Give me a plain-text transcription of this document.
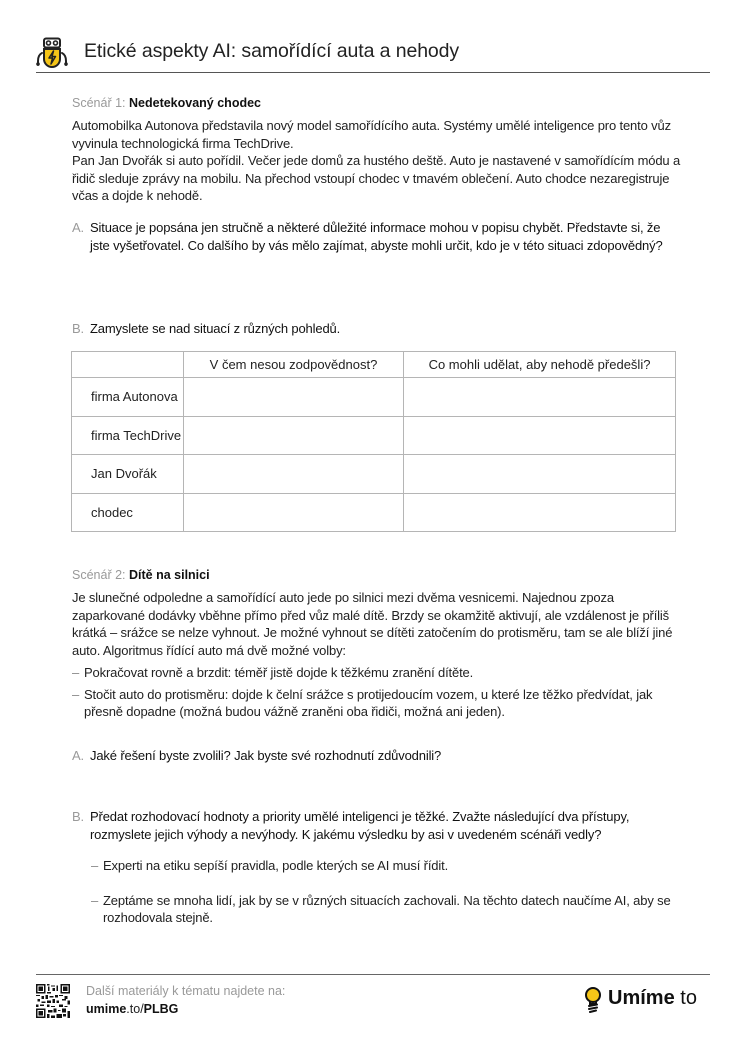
Etické aspekty AI: samořídící auta a nehody
Scénář 1: Nedetekovaný chodec
Automobilka Autonova představila nový model samořídícího auta. Systémy umělé inteligence pro tento vůz vyvinula technologická firma TechDrive.
Pan Jan Dvořák si auto pořídil. Večer jede domů za hustého deště. Auto je nastavené v samořídícím módu a řidič sleduje zprávy na mobilu. Na přechod vstoupí chodec v tmavém oblečení. Auto chodce nezaregistruje včas a dojde k nehodě.
A. Situace je popsána jen stručně a některé důležité informace mohou v popisu chybět. Představte si, že jste vyšetřovatel. Co dalšího by vás mělo zajímat, abyste mohli určit, kdo je v této situaci zdopovědný?
B. Zamyslete se nad situací z různých pohledů.
	V čem nesou zodpovědnost?	Co mohli udělat, aby nehodě předešli?
firma Autonova		
firma TechDrive		
Jan Dvořák		
chodec		
Scénář 2: Dítě na silnici
Je slunečné odpoledne a samořídící auto jede po silnici mezi dvěma vesnicemi. Najednou zpoza zaparkované dodávky vběhne přímo před vůz malé dítě. Brzdy se okamžitě aktivují, ale vzdálenost je příliš krátká – srážce se nelze vyhnout. Je možné vyhnout se dítěti zatočením do protisměru, tam se ale blíží jiné auto. Algoritmus řídící auto má dvě možné volby:
– Pokračovat rovně a brzdit: téměř jistě dojde k těžkému zranění dítěte.
– Stočit auto do protisměru: dojde k čelní srážce s protijedoucím vozem, u které lze těžko předvídat, jak přesně dopadne (možná budou vážně zraněni oba řidiči, možná ani jeden).
A. Jaké řešení byste zvolili? Jak byste své rozhodnutí zdůvodnili?
B. Předat rozhodovací hodnoty a priority umělé inteligenci je těžké. Zvažte následující dva přístupy, rozmyslete jejich výhody a nevýhody. K jakému výsledku by asi v uvedeném scénáři vedly?
– Experti na etiku sepíší pravidla, podle kterých se AI musí řídit.
– Zeptáme se mnoha lidí, jak by se v různých situacích zachovali. Na těchto datech naučíme AI, aby se rozhodovala stejně.
Další materiály k tématu najdete na:
umime.to/PLBG	Umíme to
